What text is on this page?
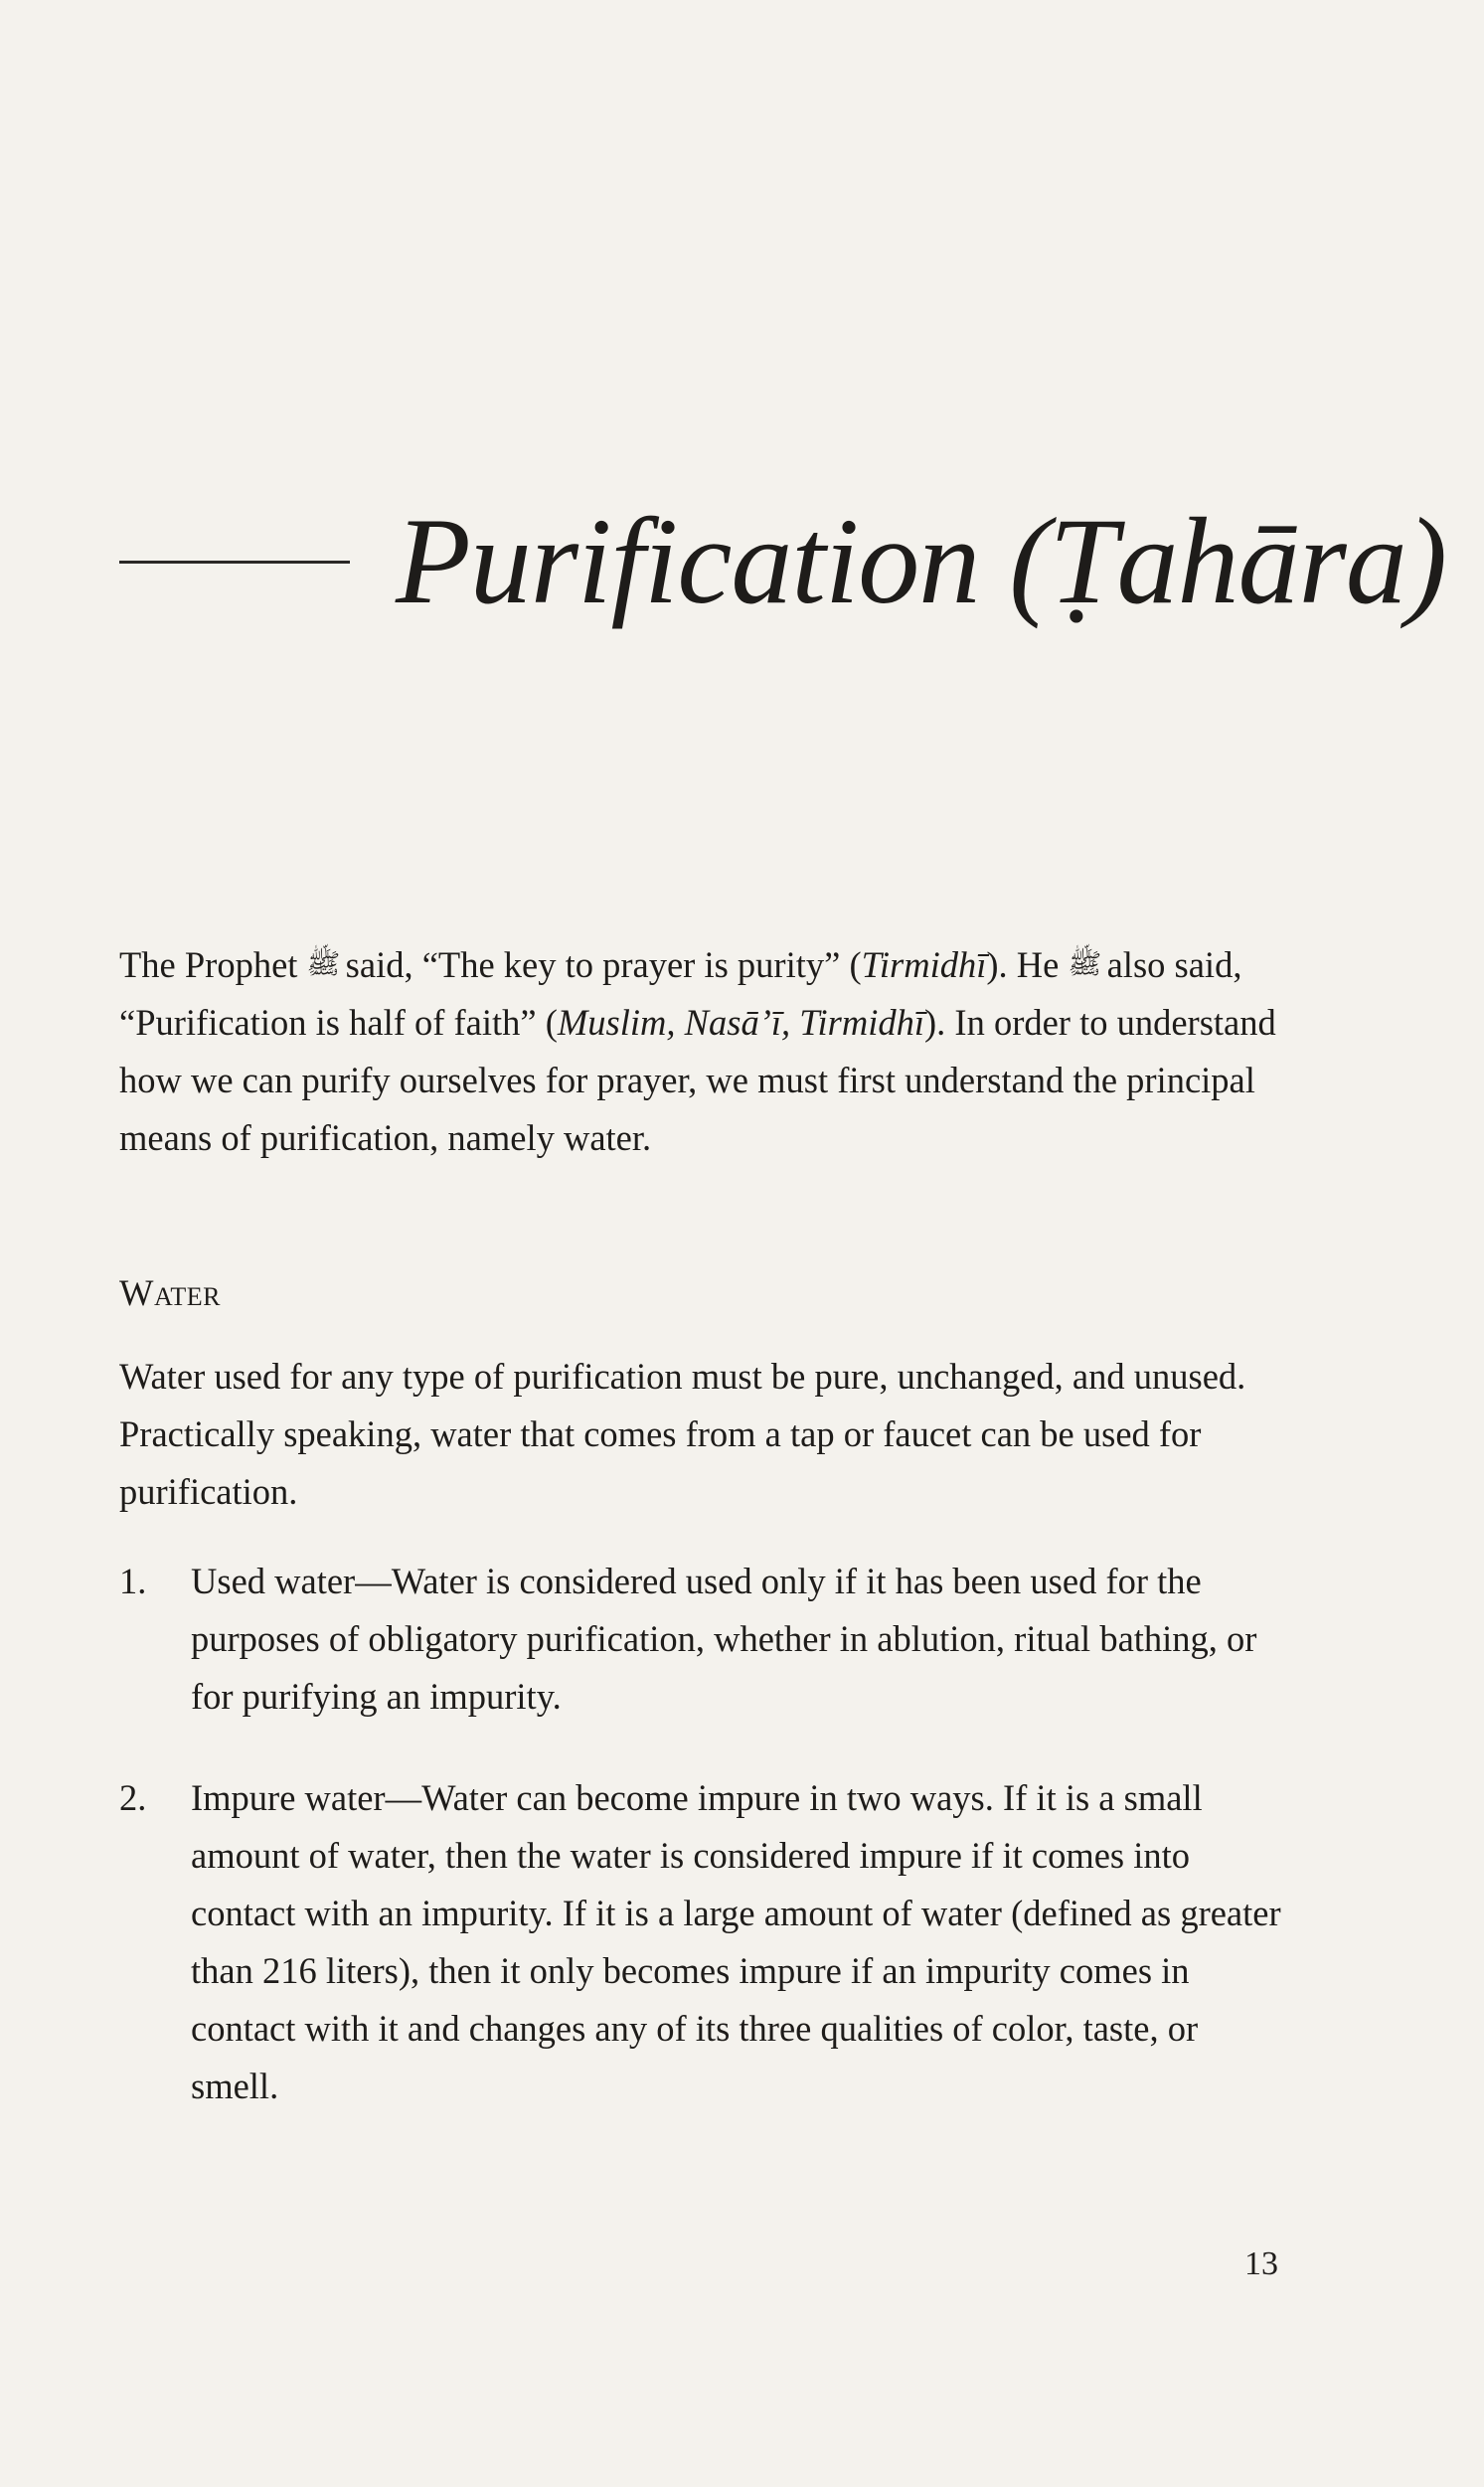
Purification (Ṭahāra)

The Prophet ﷺ said, “The key to prayer is purity” (Tirmidhī). He ﷺ also said, “Purification is half of faith” (Muslim, Nasā’ī, Tirmidhī). In order to understand how we can purify ourselves for prayer, we must first understand the principal means of purification, namely water.

Water

Water used for any type of purification must be pure, unchanged, and unused. Practically speaking, water that comes from a tap or faucet can be used for purification.

1. Used water—Water is considered used only if it has been used for the purposes of obligatory purification, whether in ablution, ritual bathing, or for purifying an impurity.
2. Impure water—Water can become impure in two ways. If it is a small amount of water, then the water is considered impure if it comes into contact with an impurity. If it is a large amount of water (defined as greater than 216 liters), then it only becomes impure if an impurity comes in contact with it and changes any of its three qualities of color, taste, or smell.
13
